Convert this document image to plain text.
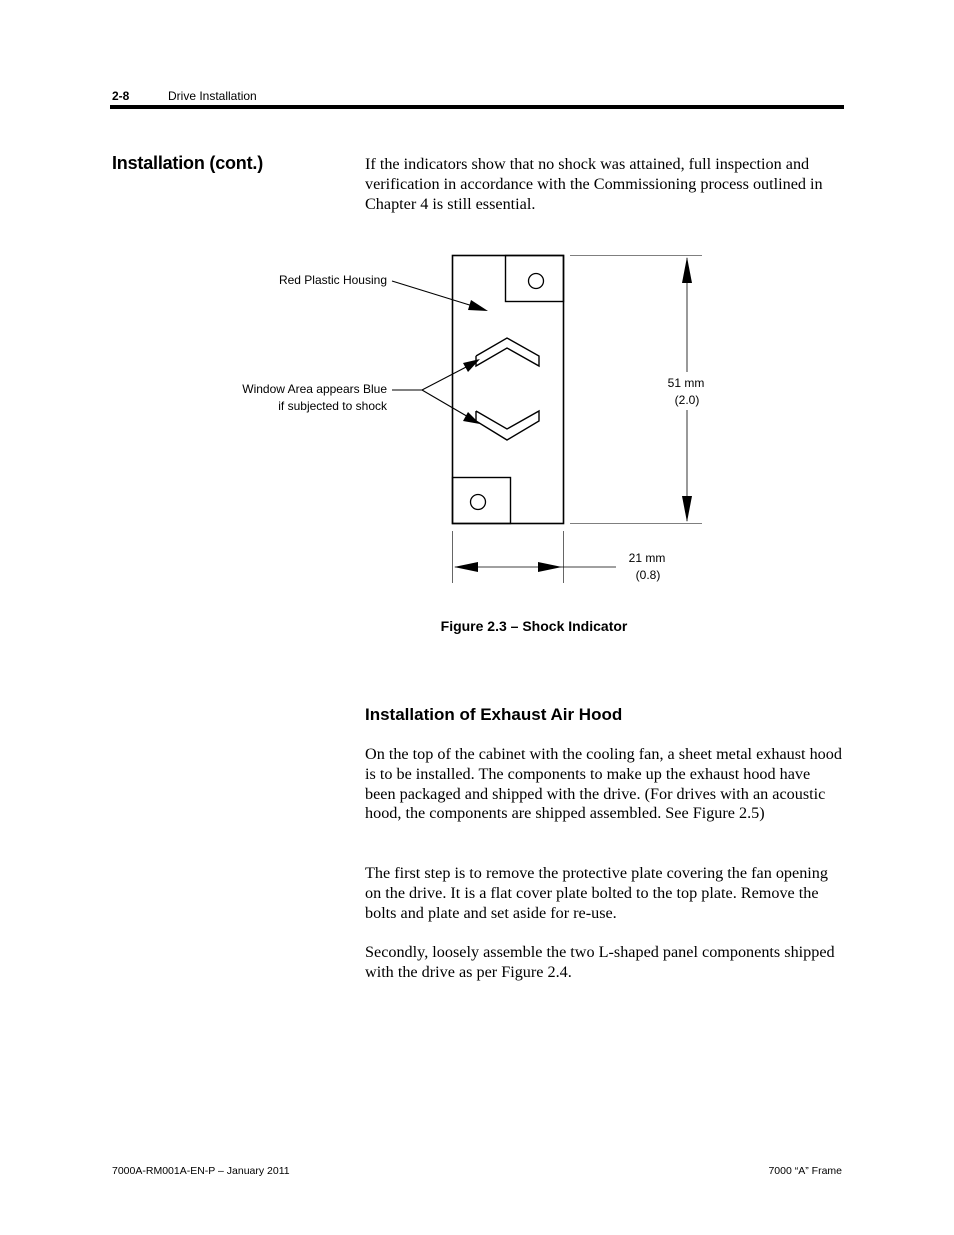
2-8	Drive Installation
Installation (cont.)	If the indicators show that no shock was attained, full inspection and verification in accordance with the Commissioning process outlined in Chapter 4 is still essential.

51 mm
(2.0)
21 mm
(0.8)
Red Plastic Housing
Window Area appears Blue
if subjected to shock
Figure 2.3 – Shock Indicator
Installation of Exhaust Air Hood

On the top of the cabinet with the cooling fan, a sheet metal exhaust hood is to be installed. The components to make up the exhaust hood have been packaged and shipped with the drive. (For drives with an acoustic hood, the components are shipped assembled. See Figure 2.5)

The first step is to remove the protective plate covering the fan opening on the drive. It is a flat cover plate bolted to the top plate. Remove the bolts and plate and set aside for re-use.

Secondly, loosely assemble the two L-shaped panel components shipped with the drive as per Figure 2.4.

7000A-RM001A-EN-P – January 2011	7000 “A” Frame
